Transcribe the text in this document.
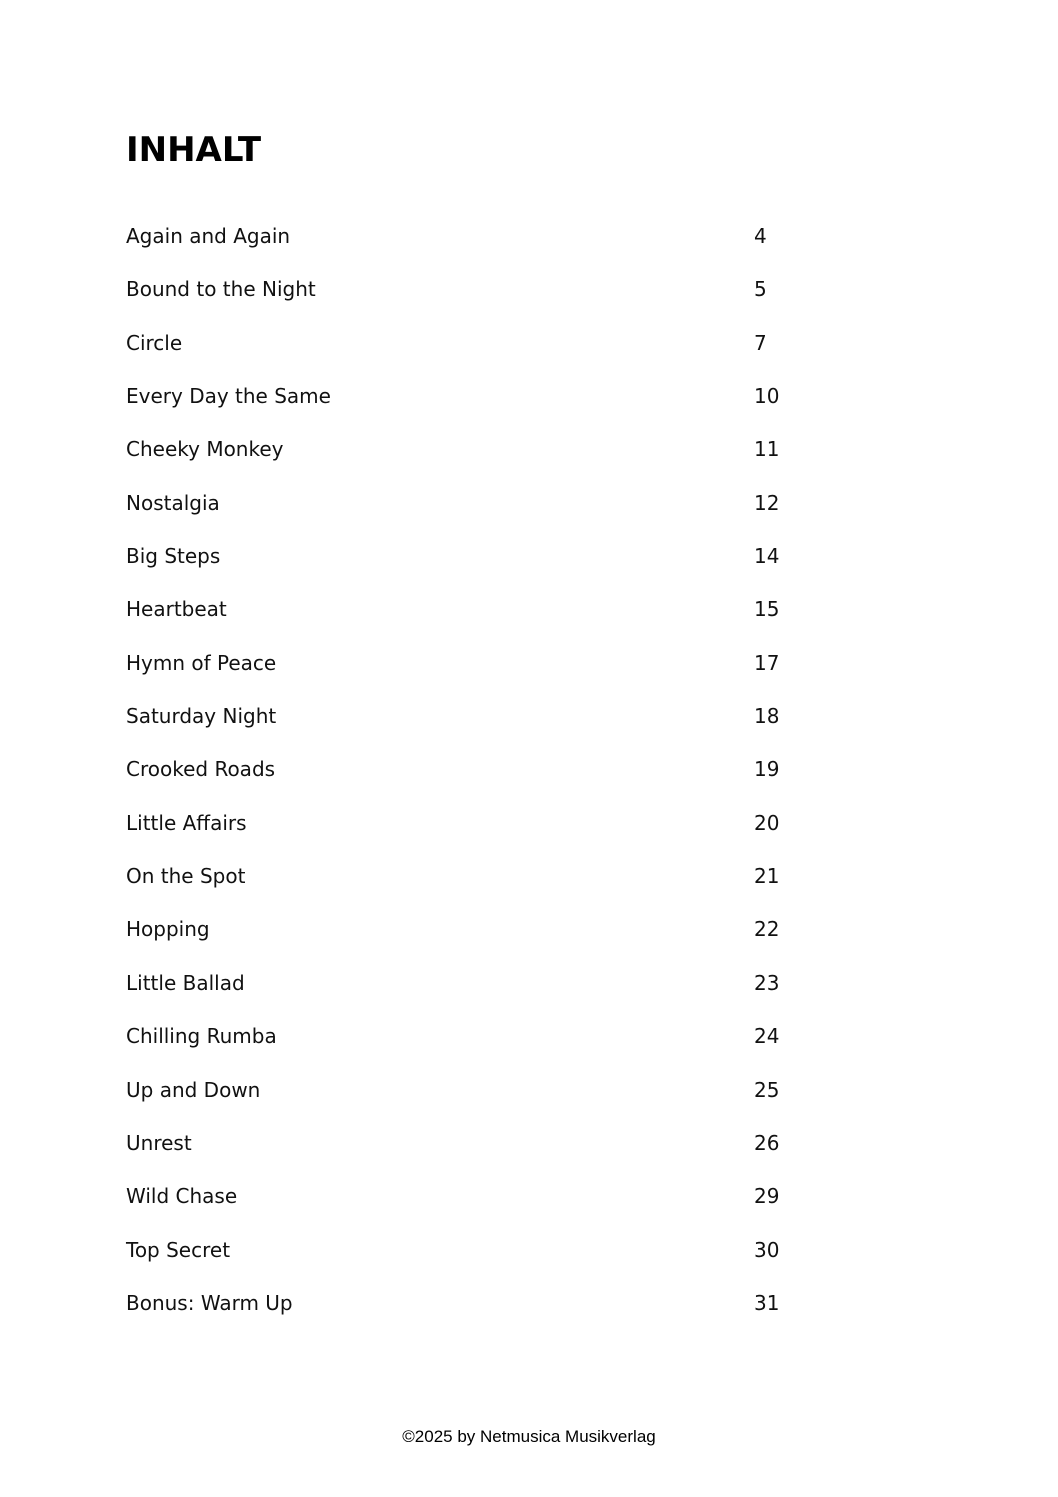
INHALT
Again and Again	4
Bound to the Night	5
Circle	7
Every Day the Same	10
Cheeky Monkey	11
Nostalgia	12
Big Steps	14
Heartbeat	15
Hymn of Peace	17
Saturday Night	18
Crooked Roads	19
Little Affairs	20
On the Spot	21
Hopping	22
Little Ballad	23
Chilling Rumba	24
Up and Down	25
Unrest	26
Wild Chase	29
Top Secret	30
Bonus: Warm Up	31
©2025 by Netmusica Musikverlag
